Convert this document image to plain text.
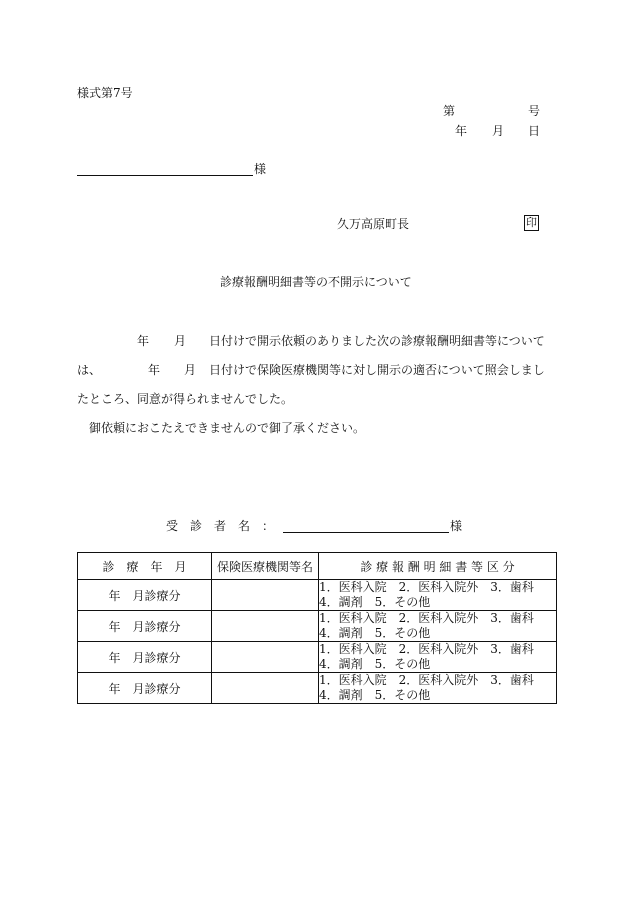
様式第7号
第	号
年 月 日
様
久万高原町長	印
診療報酬明細書等の不開示について
年 月 日付けで開示依頼のありました次の診療報酬明細書等について
は、	年 月 日付けで保険医療機関等に対し開示の適否について照会しまし
たところ、同意が得られませんでした。
御依頼におこたえできませんので御了承ください。
受　診　者　名　：	様
診　療　年　月	保険医療機関等名	診 療 報 酬 明 細 書 等 区 分
年　月診療分		1．医科入院　2．医科入院外　3．歯科
4．調剤　5．その他

年　月診療分		1．医科入院　2．医科入院外　3．歯科
4．調剤　5．その他

年　月診療分		1．医科入院　2．医科入院外　3．歯科
4．調剤　5．その他

年　月診療分		1．医科入院　2．医科入院外　3．歯科
4．調剤　5．その他
